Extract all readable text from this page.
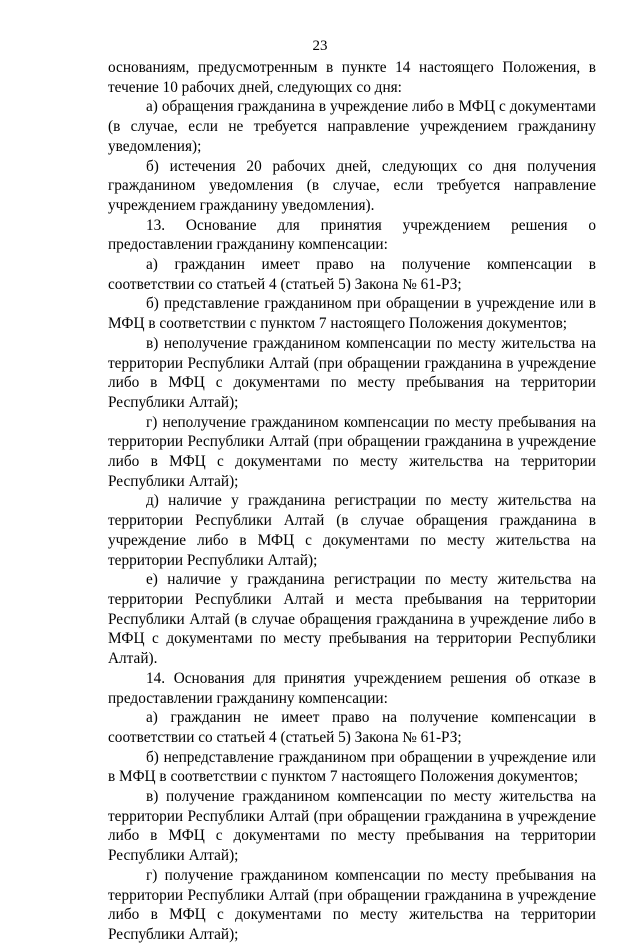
23

основаниям, предусмотренным в пункте 14 настоящего Положения, в течение 10 рабочих дней, следующих со дня:

а) обращения гражданина в учреждение либо в МФЦ с документами (в случае, если не требуется направление учреждением гражданину уведомления);

б) истечения 20 рабочих дней, следующих со дня получения гражданином уведомления (в случае, если требуется направление учреждением гражданину уведомления).

13. Основание для принятия учреждением решения о предоставлении гражданину компенсации:

а) гражданин имеет право на получение компенсации в соответствии со статьей 4 (статьей 5) Закона № 61-РЗ;

б) представление гражданином при обращении в учреждение или в МФЦ в соответствии с пунктом 7 настоящего Положения документов;

в) неполучение гражданином компенсации по месту жительства на территории Республики Алтай (при обращении гражданина в учреждение либо в МФЦ с документами по месту пребывания на территории Республики Алтай);

г) неполучение гражданином компенсации по месту пребывания на территории Республики Алтай (при обращении гражданина в учреждение либо в МФЦ с документами по месту жительства на территории Республики Алтай);

д) наличие у гражданина регистрации по месту жительства на территории Республики Алтай (в случае обращения гражданина в учреждение либо в МФЦ с документами по месту жительства на территории Республики Алтай);

е) наличие у гражданина регистрации по месту жительства на территории Республики Алтай и места пребывания на территории Республики Алтай (в случае обращения гражданина в учреждение либо в МФЦ с документами по месту пребывания на территории Республики Алтай).

14. Основания для принятия учреждением решения об отказе в предоставлении гражданину компенсации:

а) гражданин не имеет право на получение компенсации в соответствии со статьей 4 (статьей 5) Закона № 61-РЗ;

б) непредставление гражданином при обращении в учреждение или в МФЦ в соответствии с пунктом 7 настоящего Положения документов;

в) получение гражданином компенсации по месту жительства на территории Республики Алтай (при обращении гражданина в учреждение либо в МФЦ с документами по месту пребывания на территории Республики Алтай);

г) получение гражданином компенсации по месту пребывания на территории Республики Алтай (при обращении гражданина в учреждение либо в МФЦ с документами по месту жительства на территории Республики Алтай);
